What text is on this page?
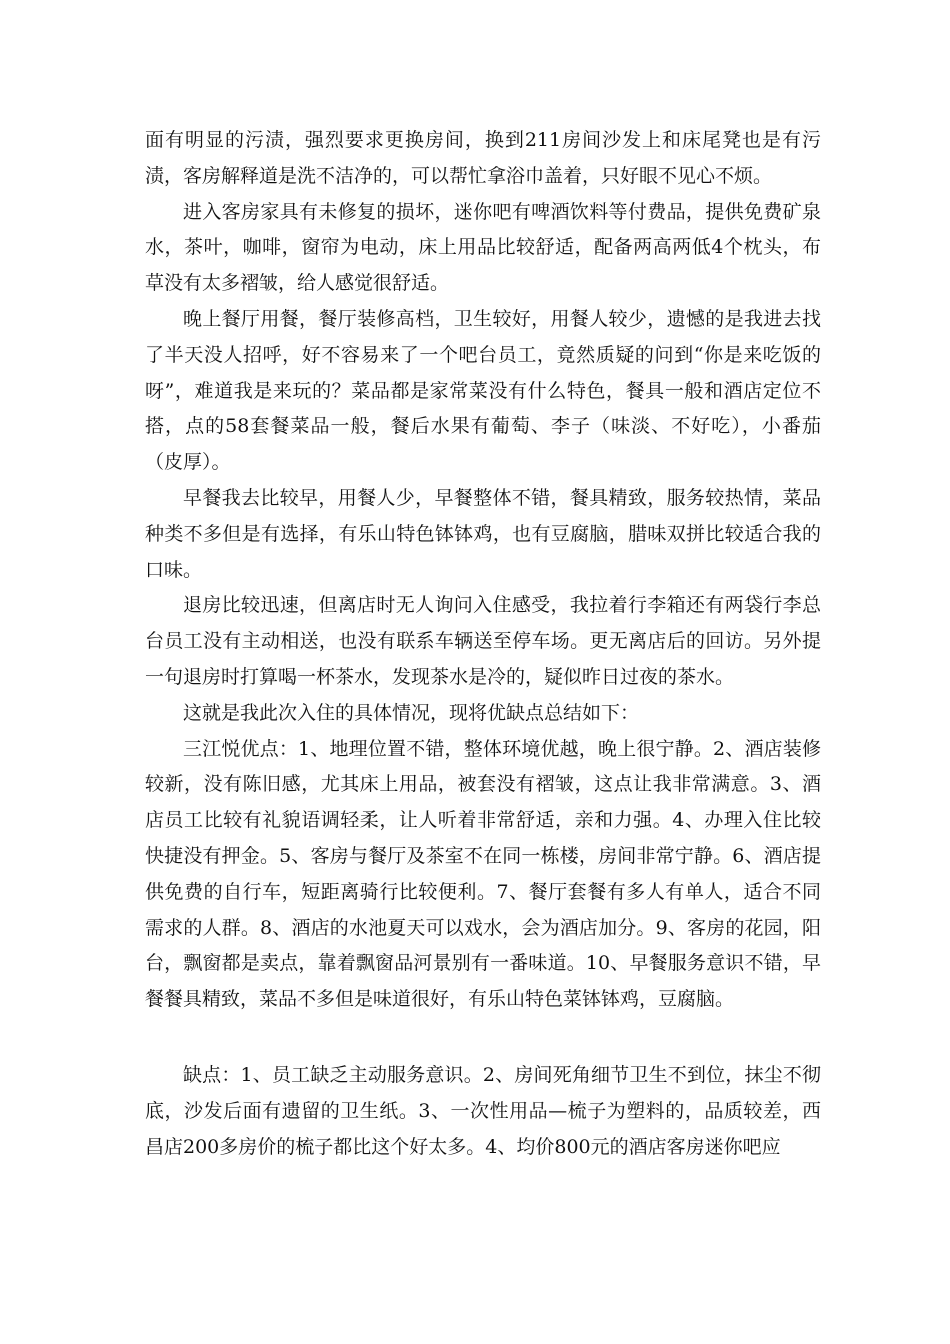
面有明显的污渍，强烈要求更换房间，换到211房间沙发上和床尾凳也是有污渍，客房解释道是洗不洁净的，可以帮忙拿浴巾盖着，只好眼不见心不烦。

进入客房家具有未修复的损坏，迷你吧有啤酒饮料等付费品，提供免费矿泉水，茶叶，咖啡，窗帘为电动，床上用品比较舒适，配备两高两低4个枕头，布草没有太多褶皱，给人感觉很舒适。

晚上餐厅用餐，餐厅装修高档，卫生较好，用餐人较少，遗憾的是我进去找了半天没人招呼，好不容易来了一个吧台员工，竟然质疑的问到“你是来吃饭的呀”，难道我是来玩的？菜品都是家常菜没有什么特色，餐具一般和酒店定位不搭，点的58套餐菜品一般，餐后水果有葡萄、李子（味淡、不好吃），小番茄（皮厚）。

早餐我去比较早，用餐人少，早餐整体不错，餐具精致，服务较热情，菜品种类不多但是有选择，有乐山特色钵钵鸡，也有豆腐脑，腊味双拼比较适合我的口味。

退房比较迅速，但离店时无人询问入住感受，我拉着行李箱还有两袋行李总台员工没有主动相送，也没有联系车辆送至停车场。更无离店后的回访。另外提一句退房时打算喝一杯茶水，发现茶水是冷的，疑似昨日过夜的茶水。

这就是我此次入住的具体情况，现将优缺点总结如下：

三江悦优点：1、地理位置不错，整体环境优越，晚上很宁静。2、酒店装修较新，没有陈旧感，尤其床上用品，被套没有褶皱，这点让我非常满意。3、酒店员工比较有礼貌语调轻柔，让人听着非常舒适，亲和力强。4、办理入住比较快捷没有押金。5、客房与餐厅及茶室不在同一栋楼，房间非常宁静。6、酒店提供免费的自行车，短距离骑行比较便利。7、餐厅套餐有多人有单人，适合不同需求的人群。8、酒店的水池夏天可以戏水，会为酒店加分。9、客房的花园，阳台，飘窗都是卖点，靠着飘窗品河景别有一番味道。10、早餐服务意识不错，早餐餐具精致，菜品不多但是味道很好，有乐山特色菜钵钵鸡，豆腐脑。

缺点：1、员工缺乏主动服务意识。2、房间死角细节卫生不到位，抹尘不彻底，沙发后面有遗留的卫生纸。3、一次性用品—梳子为塑料的，品质较差，西昌店200多房价的梳子都比这个好太多。4、均价800元的酒店客房迷你吧应
